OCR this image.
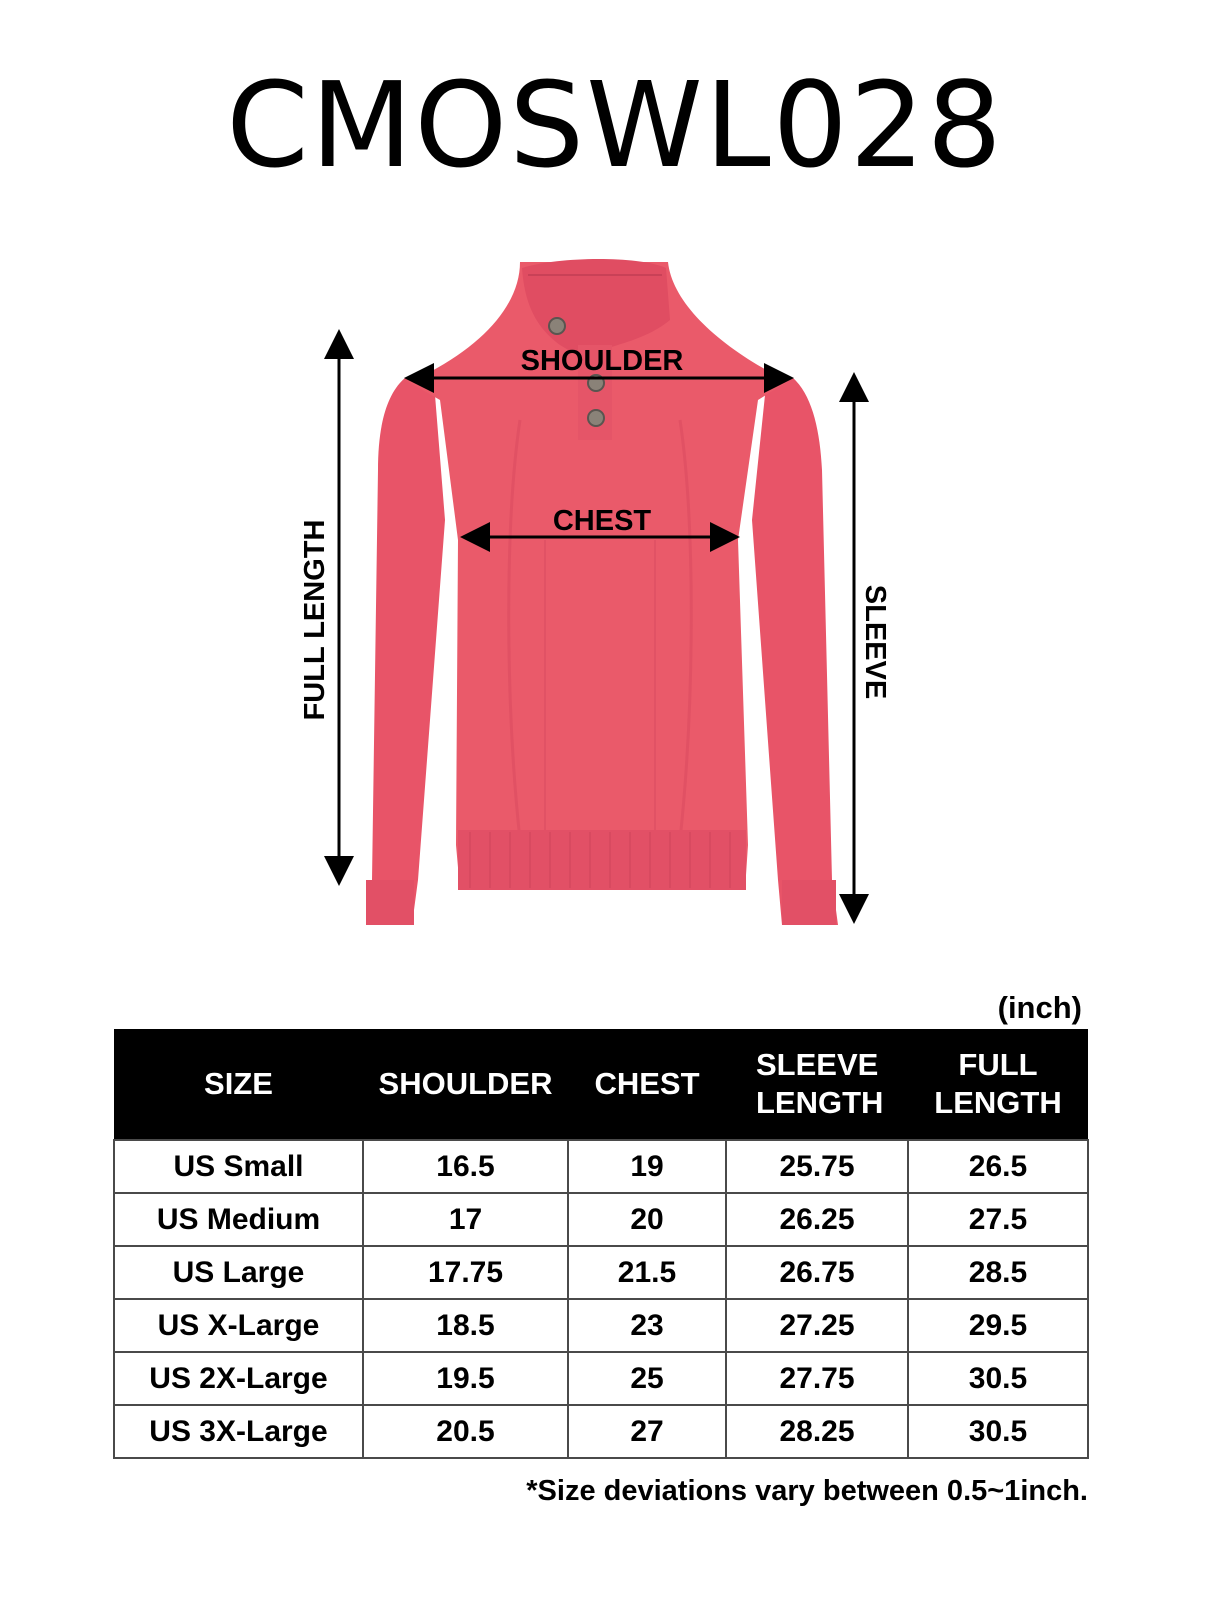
CMOSWL028
SHOULDER
CHEST
FULL LENGTH	SLEEVE
(inch)
SIZE	SHOULDER	CHEST	SLEEVE LENGTH	FULL LENGTH
US Small	16.5	19	25.75	26.5
US Medium	17	20	26.25	27.5
US Large	17.75	21.5	26.75	28.5
US X-Large	18.5	23	27.25	29.5
US 2X-Large	19.5	25	27.75	30.5
US 3X-Large	20.5	27	28.25	30.5
*Size deviations vary between 0.5~1inch.
